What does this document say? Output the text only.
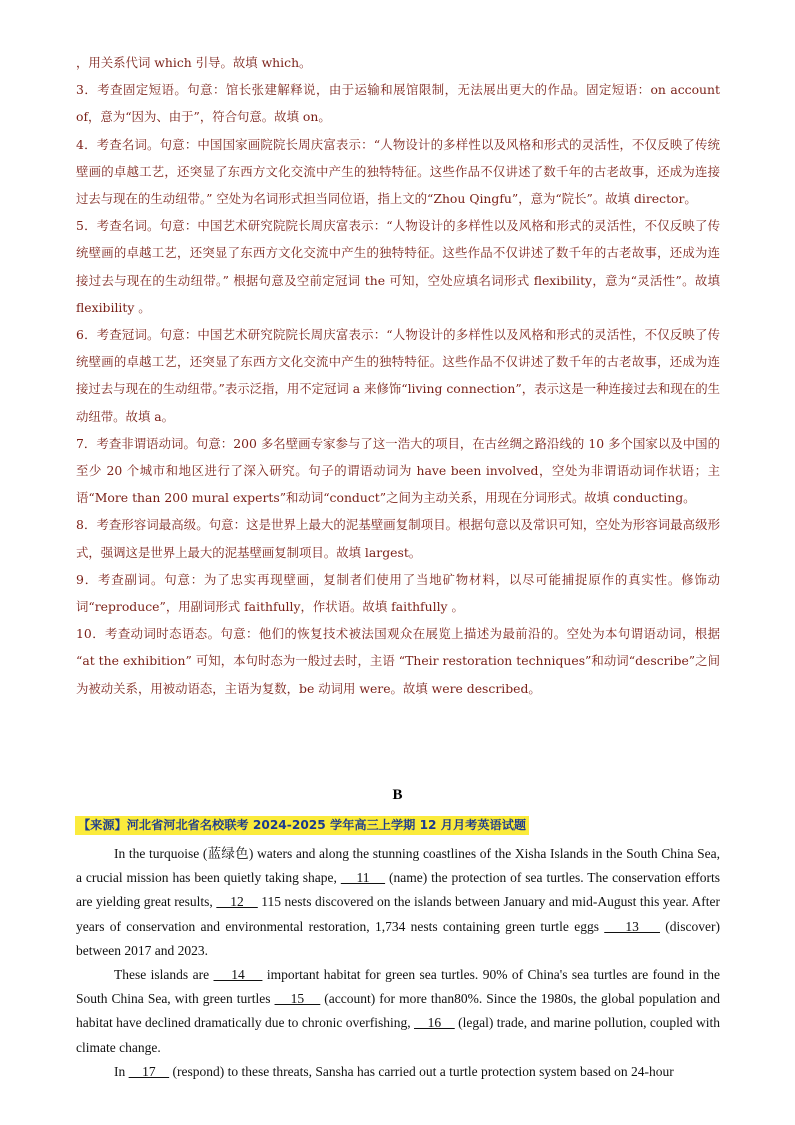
，用关系代词 which 引导。故填 which。

3．考查固定短语。句意：馆长张建解释说，由于运输和展馆限制，无法展出更大的作品。固定短语：on account of，意为“因为、由于”，符合句意。故填 on。

4．考查名词。句意：中国国家画院院长周庆富表示：“人物设计的多样性以及风格和形式的灵活性，不仅反映了传统壁画的卓越工艺，还突显了东西方文化交流中产生的独特特征。这些作品不仅讲述了数千年的古老故事，还成为连接过去与现在的生动纽带。” 空处为名词形式担当同位语，指上文的“Zhou Qingfu”，意为“院长”。故填 director。

5．考查名词。句意：中国艺术研究院院长周庆富表示：“人物设计的多样性以及风格和形式的灵活性，不仅反映了传统壁画的卓越工艺，还突显了东西方文化交流中产生的独特特征。这些作品不仅讲述了数千年的古老故事，还成为连接过去与现在的生动纽带。” 根据句意及空前定冠词 the 可知，空处应填名词形式 flexibility，意为“灵活性”。故填 flexibility 。

6．考查冠词。句意：中国艺术研究院院长周庆富表示：“人物设计的多样性以及风格和形式的灵活性，不仅反映了传统壁画的卓越工艺，还突显了东西方文化交流中产生的独特特征。这些作品不仅讲述了数千年的古老故事，还成为连接过去与现在的生动纽带。”表示泛指，用不定冠词 a 来修饰“living connection”，表示这是一种连接过去和现在的生动纽带。故填 a。

7．考查非谓语动词。句意：200 多名壁画专家参与了这一浩大的项目，在古丝绸之路沿线的 10 多个国家以及中国的至少 20 个城市和地区进行了深入研究。句子的谓语动词为 have been involved，空处为非谓语动词作状语；主语“More than 200 mural experts”和动词“conduct”之间为主动关系，用现在分词形式。故填 conducting。

8．考查形容词最高级。句意：这是世界上最大的泥基壁画复制项目。根据句意以及常识可知，空处为形容词最高级形式，强调这是世界上最大的泥基壁画复制项目。故填 largest。

9．考查副词。句意：为了忠实再现壁画，复制者们使用了当地矿物材料，以尽可能捕捉原作的真实性。修饰动词“reproduce”，用副词形式 faithfully，作状语。故填 faithfully 。

10．考查动词时态语态。句意：他们的恢复技术被法国观众在展览上描述为最前沿的。空处为本句谓语动词，根据 “at the exhibition” 可知，本句时态为一般过去时，主语 “Their restoration techniques”和动词“describe”之间为被动关系，用被动语态，主语为复数，be 动词用 were。故填 were described。

B
【来源】河北省河北省名校联考 2024-2025 学年高三上学期 12 月月考英语试题

In the turquoise (蓝绿色) waters and along the stunning coastlines of the Xisha Islands in the South China Sea, a crucial mission has been quietly taking shape,     11     (name) the protection of sea turtles. The conservation efforts are yielding great results,     12     115 nests discovered on the islands between January and mid-August this year. After years of conservation and environmental restoration, 1,734 nests containing green turtle eggs     13     (discover) between 2017 and 2023.

These islands are     14     important habitat for green sea turtles. 90% of China's sea turtles are found in the South China Sea, with green turtles     15     (account) for more than80%. Since the 1980s, the global population and habitat have declined dramatically due to chronic overfishing,     16     (legal) trade, and marine pollution, coupled with climate change.

In     17     (respond) to these threats, Sansha has carried out a turtle protection system based on 24-hour
